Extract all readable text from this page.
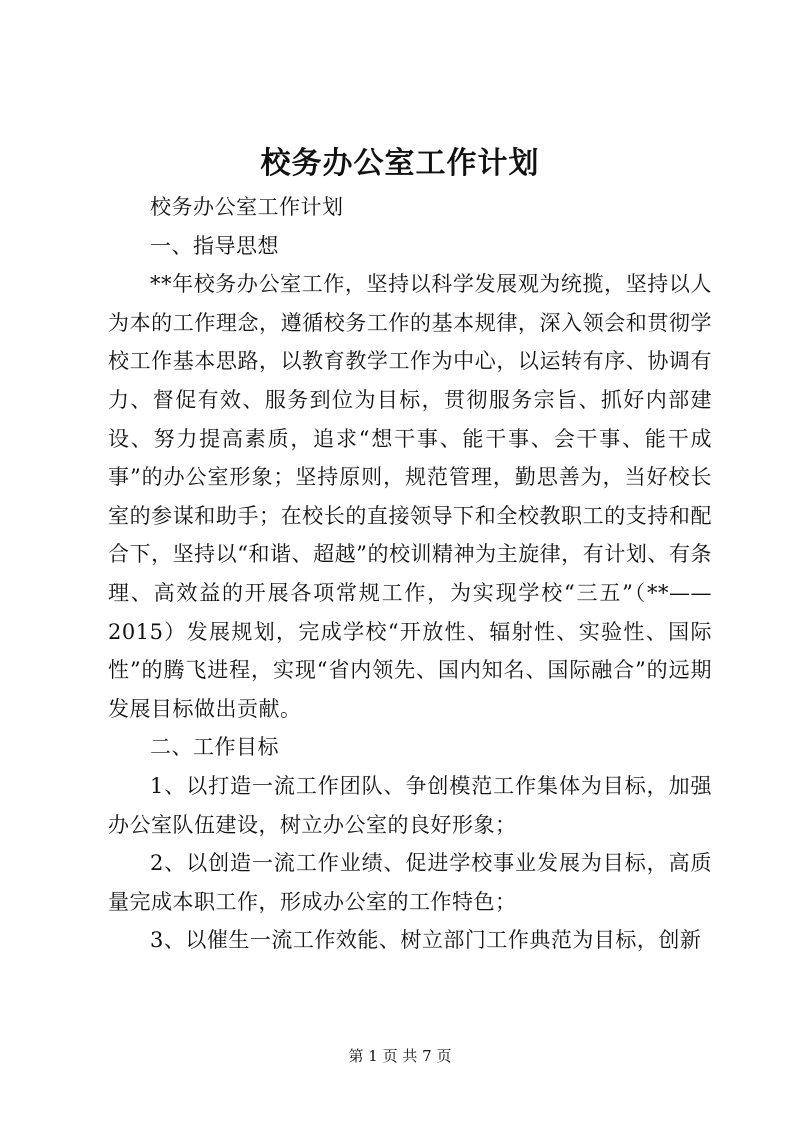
校务办公室工作计划

校务办公室工作计划

一、指导思想

**年校务办公室工作，坚持以科学发展观为统揽，坚持以人为本的工作理念，遵循校务工作的基本规律，深入领会和贯彻学校工作基本思路，以教育教学工作为中心，以运转有序、协调有力、督促有效、服务到位为目标，贯彻服务宗旨、抓好内部建设、努力提高素质，追求“想干事、能干事、会干事、能干成事”的办公室形象；坚持原则，规范管理，勤思善为，当好校长室的参谋和助手；在校长的直接领导下和全校教职工的支持和配合下，坚持以“和谐、超越”的校训精神为主旋律，有计划、有条理、高效益的开展各项常规工作，为实现学校“三五”（**——2015）发展规划，完成学校“开放性、辐射性、实验性、国际性”的腾飞进程，实现“省内领先、国内知名、国际融合”的远期发展目标做出贡献。

二、工作目标

1、以打造一流工作团队、争创模范工作集体为目标，加强办公室队伍建设，树立办公室的良好形象；

2、以创造一流工作业绩、促进学校事业发展为目标，高质量完成本职工作，形成办公室的工作特色；

3、以催生一流工作效能、树立部门工作典范为目标，创新

第 1 页 共 7 页
